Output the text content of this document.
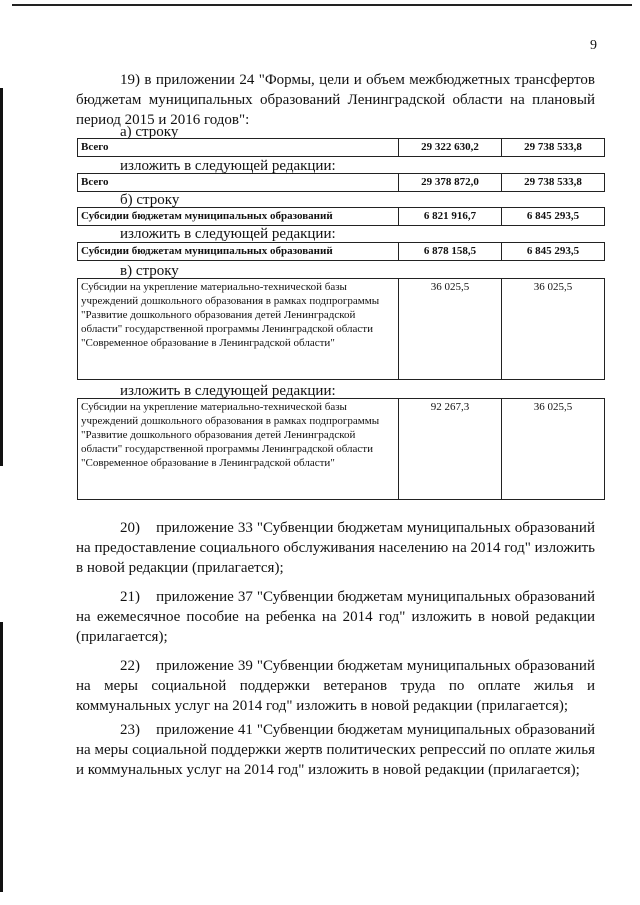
9
19) в приложении 24 "Формы, цели и объем межбюджетных трансфертов бюджетам муниципальных образований Ленинградской области на плановый период 2015 и 2016 годов":
а) строку
Всего	29 322 630,2	29 738 533,8
изложить в следующей редакции:
Всего	29 378 872,0	29 738 533,8
б) строку
Субсидии бюджетам муниципальных образований	6 821 916,7	6 845 293,5
изложить в следующей редакции:
Субсидии бюджетам муниципальных образований	6 878 158,5	6 845 293,5
в) строку
Субсидии на укрепление материально-технической базы учреждений дошкольного образования в рамках подпрограммы "Развитие дошкольного образования детей Ленинградской области" государственной программы Ленинградской области "Современное образование в Ленинградской области"	36 025,5	36 025,5
изложить в следующей редакции:
Субсидии на укрепление материально-технической базы учреждений дошкольного образования в рамках подпрограммы "Развитие дошкольного образования детей Ленинградской области" государственной программы Ленинградской области "Современное образование в Ленинградской области"	92 267,3	36 025,5
20) приложение 33 "Субвенции бюджетам муниципальных образований на предоставление социального обслуживания населению на 2014 год" изложить в новой редакции (прилагается);
21) приложение 37 "Субвенции бюджетам муниципальных образований на ежемесячное пособие на ребенка на 2014 год" изложить в новой редакции (прилагается);
22) приложение 39 "Субвенции бюджетам муниципальных образований на меры социальной поддержки ветеранов труда по оплате жилья и коммунальных услуг на 2014 год" изложить в новой редакции (прилагается);
23) приложение 41 "Субвенции бюджетам муниципальных образований на меры социальной поддержки жертв политических репрессий по оплате жилья и коммунальных услуг на 2014 год" изложить в новой редакции (прилагается);
